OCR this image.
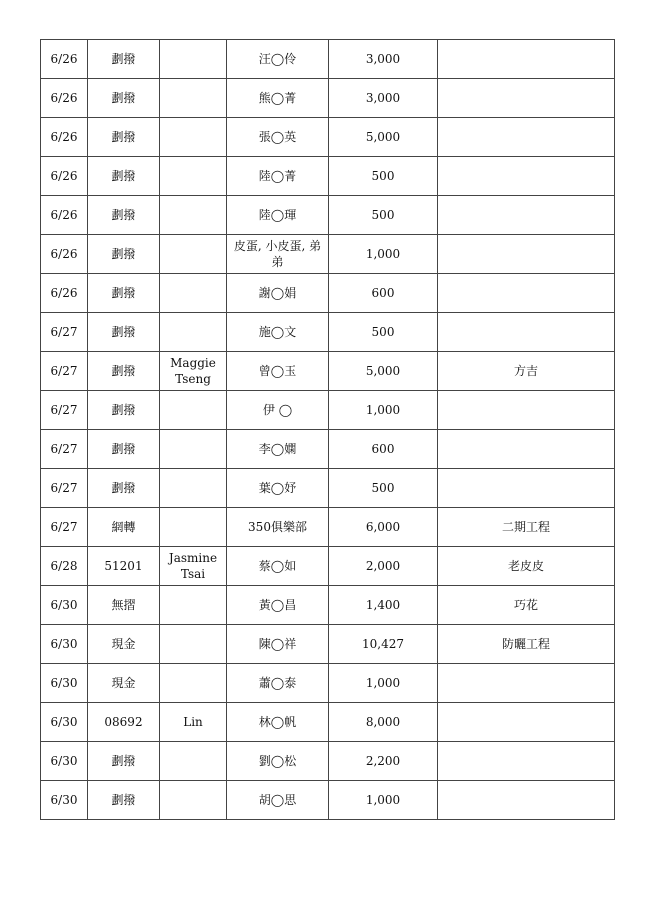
6/26	劃撥		汪◯伶	3,000	
6/26	劃撥		熊◯菁	3,000	
6/26	劃撥		張◯英	5,000	
6/26	劃撥		陸◯菁	500	
6/26	劃撥		陸◯琿	500	
6/26	劃撥		皮蛋, 小皮蛋, 弟弟	1,000	
6/26	劃撥		謝◯娟	600	
6/27	劃撥		施◯文	500	
6/27	劃撥	Maggie Tseng	曾◯玉	5,000	方吉
6/27	劃撥		伊 ◯	1,000	
6/27	劃撥		李◯嫻	600	
6/27	劃撥		葉◯妤	500	
6/27	網轉		350俱樂部	6,000	二期工程
6/28	51201	Jasmine Tsai	蔡◯如	2,000	老皮皮
6/30	無摺		黃◯昌	1,400	巧花
6/30	現金		陳◯祥	10,427	防曬工程
6/30	現金		蕭◯泰	1,000	
6/30	08692	Lin	林◯帆	8,000	
6/30	劃撥		劉◯松	2,200	
6/30	劃撥		胡◯思	1,000	
